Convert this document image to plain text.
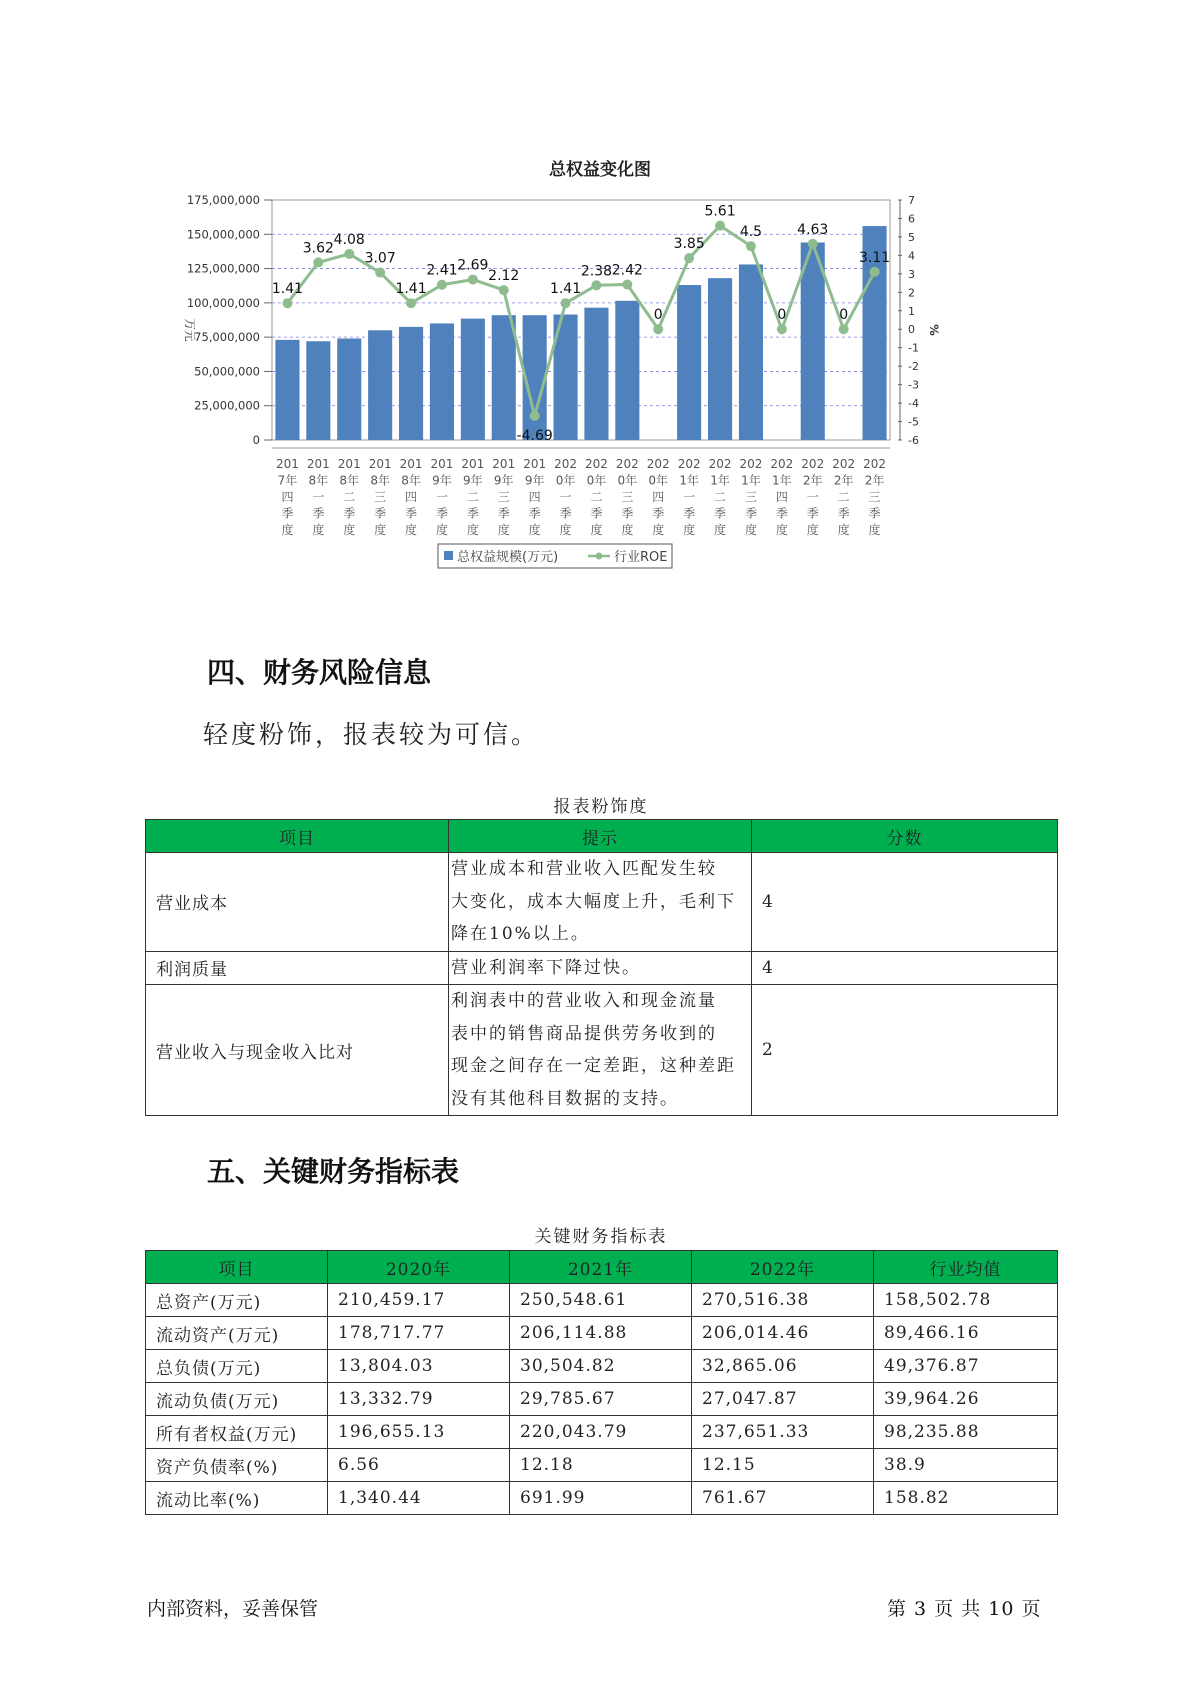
总权益变化图
0
25,000,000
50,000,000
75,000,000
100,000,000
125,000,000
150,000,000
175,000,000
-6
-5
-4
-3
-2
-1
0
1
2
3
4
5
6
7
万元	%
1.41
3.62
4.08
3.07
1.41
2.41 2.69
2.12
-4.69
1.41
2.38 2.42
0
3.85
5.61
4.5
0
4.63
0
3.11
201
7年
四
季
度
201
8年
一
季
度
201
8年
二
季
度
201
8年
三
季
度
201
8年
四
季
度
201
9年
一
季
度
201
9年
二
季
度
201
9年
三
季
度
201
9年
四
季
度
202
0年
一
季
度
202
0年
二
季
度
202
0年
三
季
度
202
0年
四
季
度
202
1年
一
季
度
202
1年
二
季
度
202
1年
三
季
度
202
1年
四
季
度
202
2年
一
季
度
202
2年
二
季
度
202
2年
三
季
度
总权益规模(万元)	行业ROE
四、财务风险信息

轻度粉饰，报表较为可信。

报表粉饰度

项目	提示	分数
营业成本	营业成本和营业收入匹配发生较
大变化，成本大幅度上升，毛利下
降在10%以上。	4
利润质量	营业利润率下降过快。	4
营业收入与现金收入比对	利润表中的营业收入和现金流量
表中的销售商品提供劳务收到的
现金之间存在一定差距，这种差距
没有其他科目数据的支持。	2
五、关键财务指标表

关键财务指标表

项目	2020年	2021年	2022年	行业均值
总资产(万元)	210,459.17	250,548.61	270,516.38	158,502.78
流动资产(万元)	178,717.77	206,114.88	206,014.46	89,466.16
总负债(万元)	13,804.03	30,504.82	32,865.06	49,376.87
流动负债(万元)	13,332.79	29,785.67	27,047.87	39,964.26
所有者权益(万元)	196,655.13	220,043.79	237,651.33	98,235.88
资产负债率(%)	6.56	12.18	12.15	38.9
流动比率(%)	1,340.44	691.99	761.67	158.82

内部资料，妥善保管	第 3 页 共 10 页
